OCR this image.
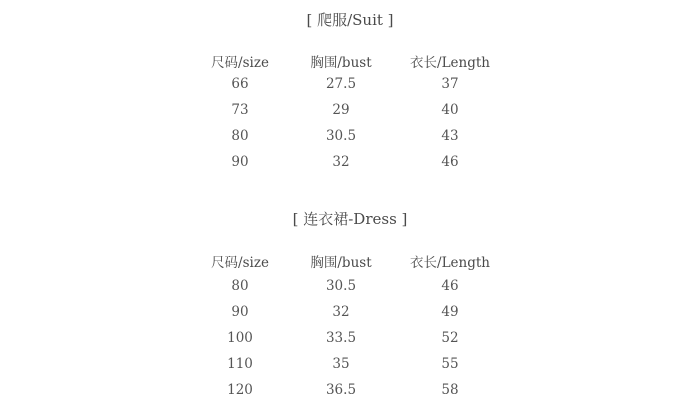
[ 爬服/Suit ]
尺码/size	胸围/bust	衣长/Length
66	27.5	37
73	29	40
80	30.5	43
90	32	46
[ 连衣裙-Dress ]
尺码/size	胸围/bust	衣长/Length
80	30.5	46
90	32	49
100	33.5	52
110	35	55
120	36.5	58
